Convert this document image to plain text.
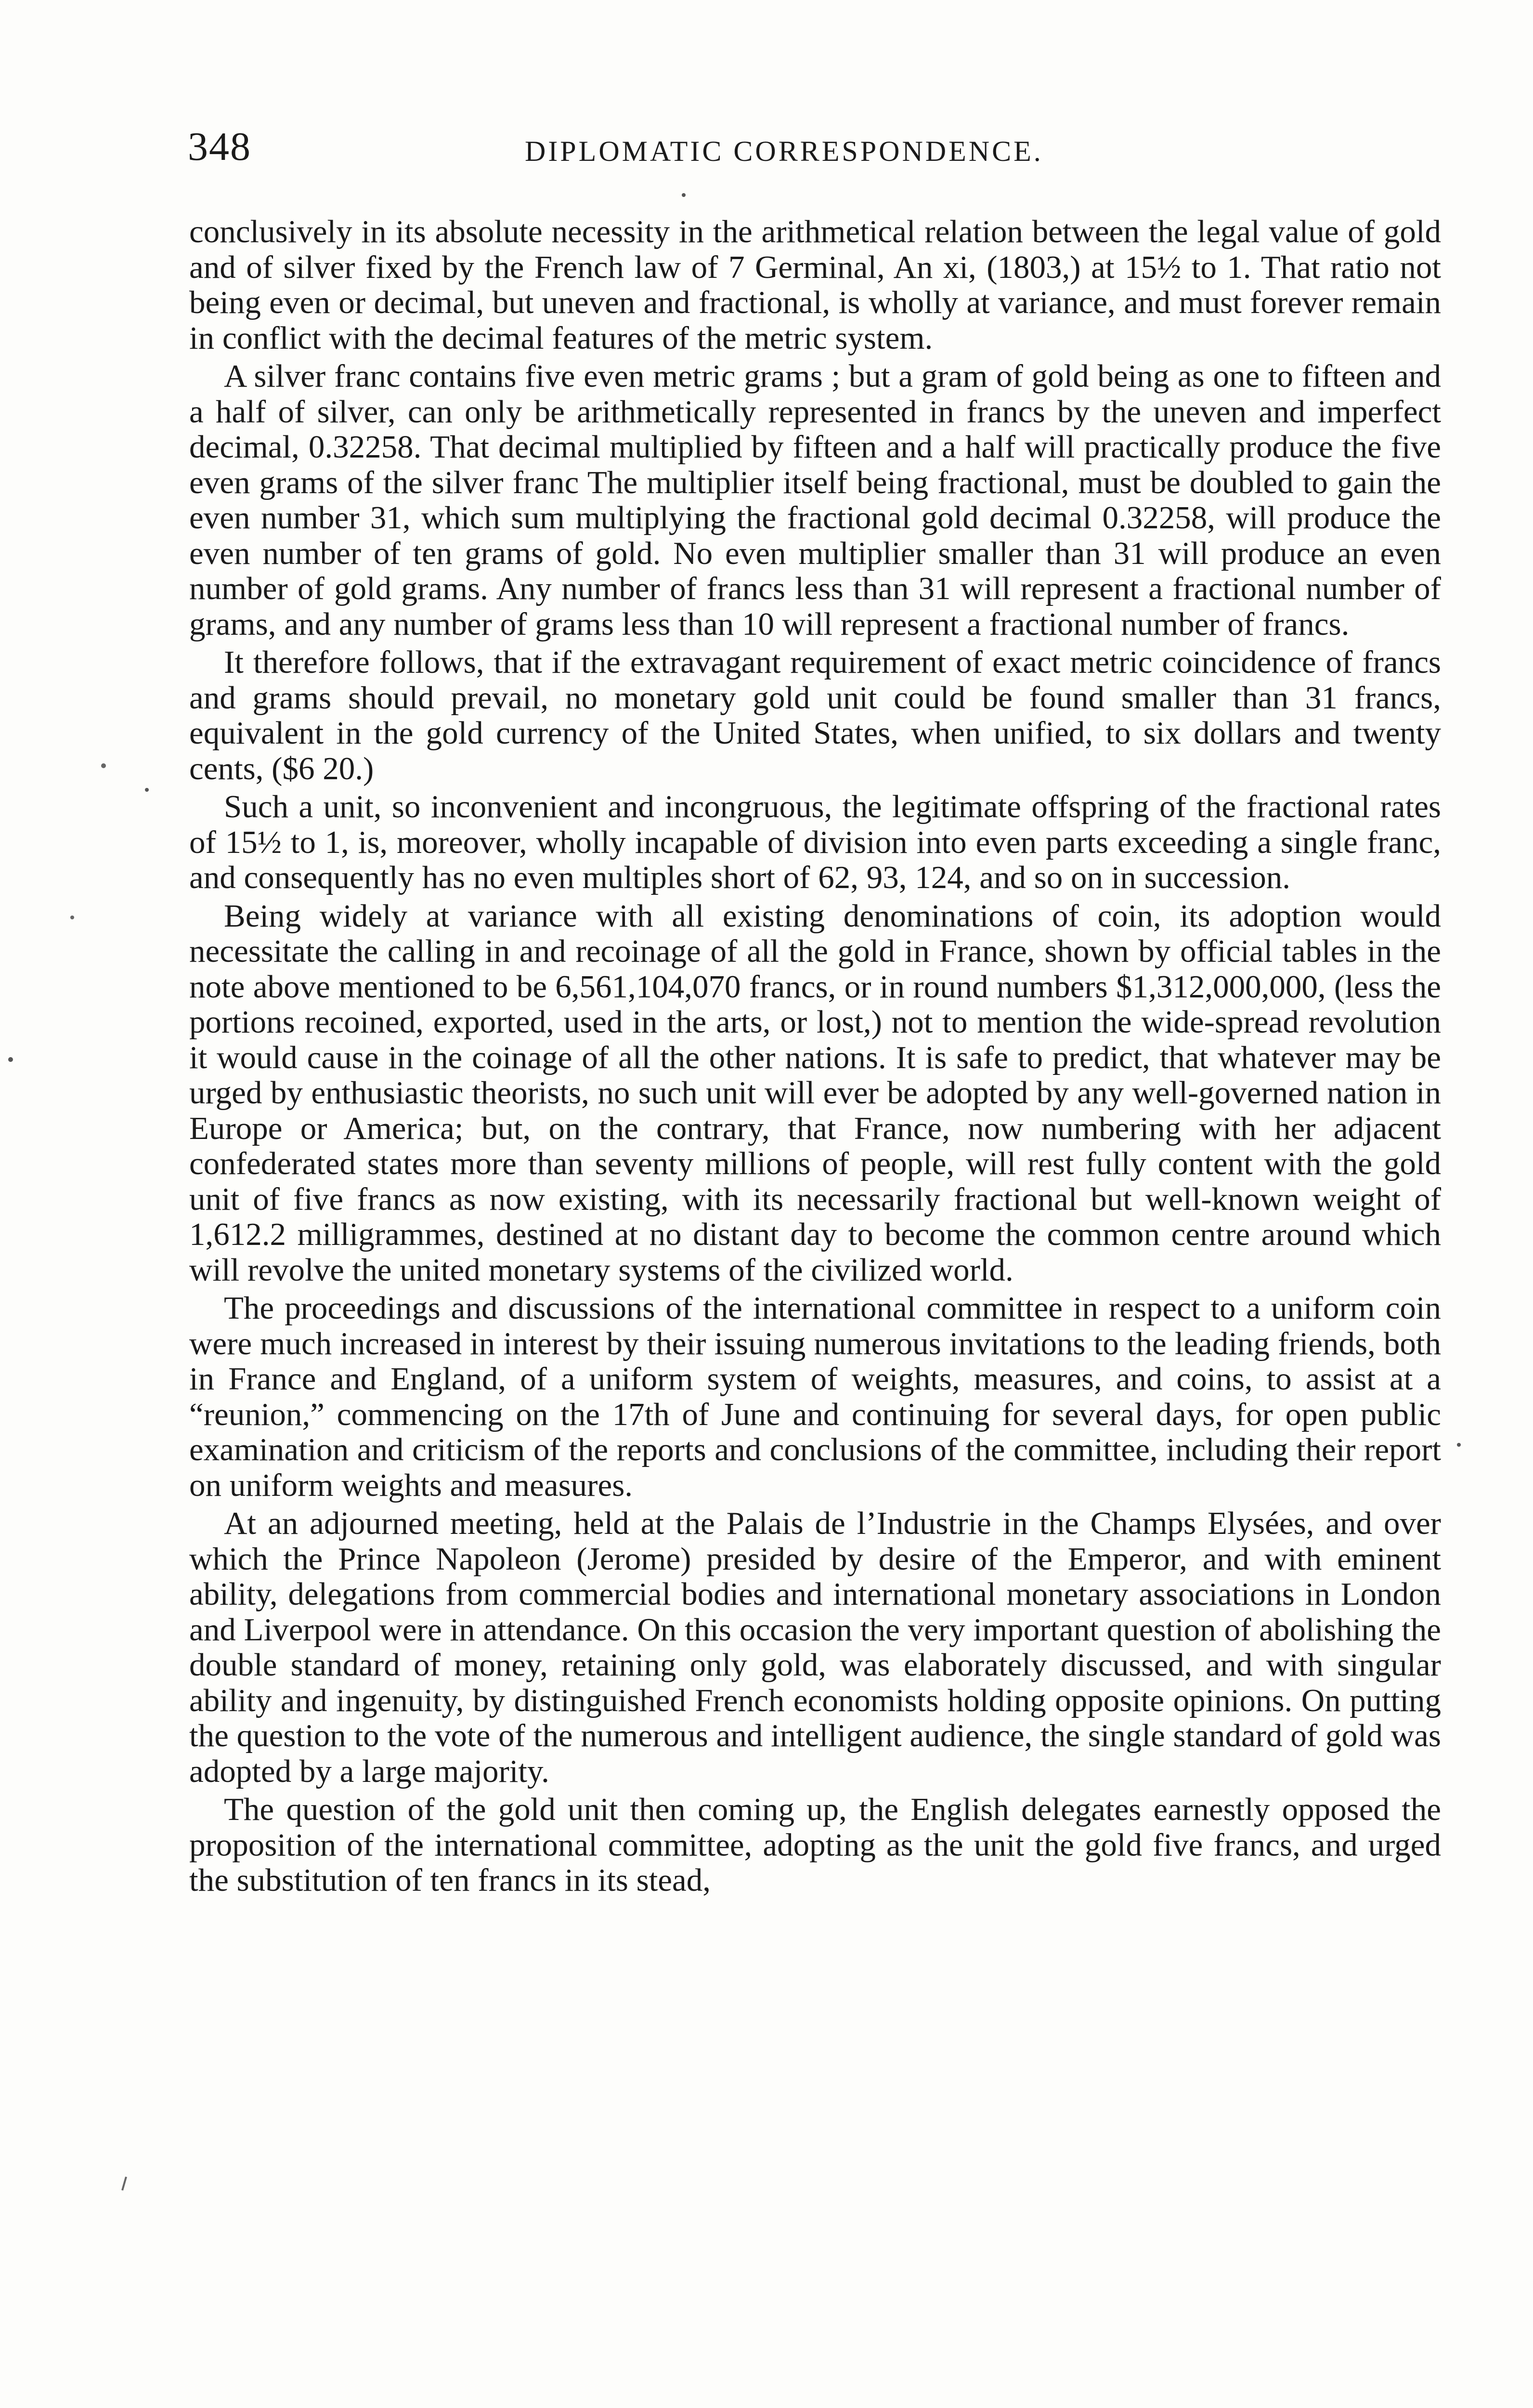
348	DIPLOMATIC CORRESPONDENCE.

conclusively in its absolute necessity in the arithmetical relation between the legal value of gold and of silver fixed by the French law of 7 Germinal, An xi, (1803,) at 15½ to 1. That ratio not being even or decimal, but uneven and fractional, is wholly at variance, and must forever remain in conflict with the decimal features of the metric system.

A silver franc contains five even metric grams ; but a gram of gold being as one to fifteen and a half of silver, can only be arithmetically represented in francs by the uneven and imperfect decimal, 0.32258. That decimal multiplied by fifteen and a half will practically produce the five even grams of the silver franc The multiplier itself being fractional, must be doubled to gain the even number 31, which sum multiplying the fractional gold decimal 0.32258, will produce the even number of ten grams of gold. No even multiplier smaller than 31 will produce an even number of gold grams. Any number of francs less than 31 will represent a fractional number of grams, and any number of grams less than 10 will represent a fractional number of francs.

It therefore follows, that if the extravagant requirement of exact metric coincidence of francs and grams should prevail, no monetary gold unit could be found smaller than 31 francs, equivalent in the gold currency of the United States, when unified, to six dollars and twenty cents, ($6 20.)

Such a unit, so inconvenient and incongruous, the legitimate offspring of the fractional rates of 15½ to 1, is, moreover, wholly incapable of division into even parts exceeding a single franc, and consequently has no even multiples short of 62, 93, 124, and so on in succession.

Being widely at variance with all existing denominations of coin, its adoption would necessitate the calling in and recoinage of all the gold in France, shown by official tables in the note above mentioned to be 6,561,104,070 francs, or in round numbers $1,312,000,000, (less the portions recoined, exported, used in the arts, or lost,) not to mention the wide-spread revolution it would cause in the coinage of all the other nations. It is safe to predict, that whatever may be urged by enthusiastic theorists, no such unit will ever be adopted by any well-governed nation in Europe or America; but, on the contrary, that France, now numbering with her adjacent confederated states more than seventy millions of people, will rest fully content with the gold unit of five francs as now existing, with its necessarily fractional but well-known weight of 1,612.2 milligrammes, destined at no distant day to become the common centre around which will revolve the united monetary systems of the civilized world.

The proceedings and discussions of the international committee in respect to a uniform coin were much increased in interest by their issuing numerous invitations to the leading friends, both in France and England, of a uniform system of weights, measures, and coins, to assist at a “reunion,” commencing on the 17th of June and continuing for several days, for open public examination and criticism of the reports and conclusions of the committee, including their report on uniform weights and measures.

At an adjourned meeting, held at the Palais de l’Industrie in the Champs Elysées, and over which the Prince Napoleon (Jerome) presided by desire of the Emperor, and with eminent ability, delegations from commercial bodies and international monetary associations in London and Liverpool were in attendance. On this occasion the very important question of abolishing the double standard of money, retaining only gold, was elaborately discussed, and with singular ability and ingenuity, by distinguished French economists holding opposite opinions. On putting the question to the vote of the numerous and intelligent audience, the single standard of gold was adopted by a large majority.

The question of the gold unit then coming up, the English delegates earnestly opposed the proposition of the international committee, adopting as the unit the gold five francs, and urged the substitution of ten francs in its stead,
